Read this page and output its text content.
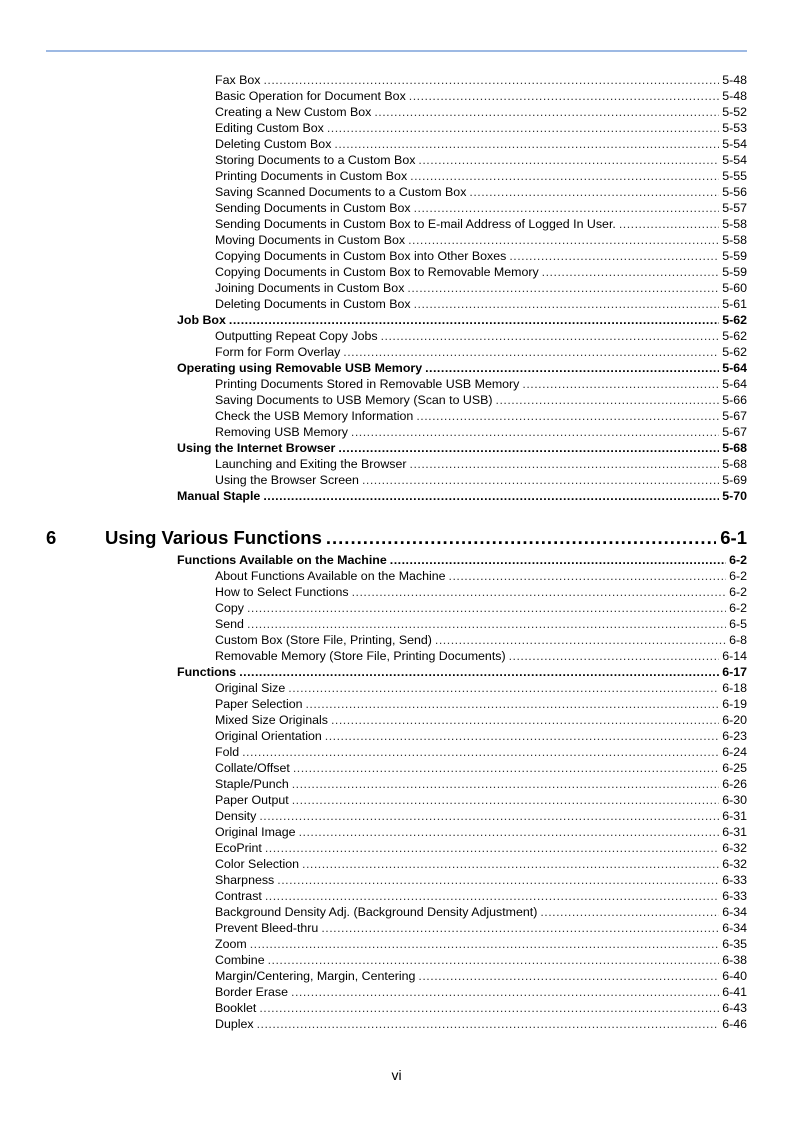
Fax Box .....	5-48
Basic Operation for Document Box .....	5-48
Creating a New Custom Box .....	5-52
Editing Custom Box .....	5-53
Deleting Custom Box .....	5-54
Storing Documents to a Custom Box .....	5-54
Printing Documents in Custom Box .....	5-55
Saving Scanned Documents to a Custom Box .....	5-56
Sending Documents in Custom Box .....	5-57
Sending Documents in Custom Box to E-mail Address of Logged In User. .....	5-58
Moving Documents in Custom Box .....	5-58
Copying Documents in Custom Box into Other Boxes .....	5-59
Copying Documents in Custom Box to Removable Memory .....	5-59
Joining Documents in Custom Box .....	5-60
Deleting Documents in Custom Box .....	5-61
Job Box .....	5-62
Outputting Repeat Copy Jobs .....	5-62
Form for Form Overlay .....	5-62
Operating using Removable USB Memory .....	5-64
Printing Documents Stored in Removable USB Memory .....	5-64
Saving Documents to USB Memory (Scan to USB) .....	5-66
Check the USB Memory Information .....	5-67
Removing USB Memory .....	5-67
Using the Internet Browser .....	5-68
Launching and Exiting the Browser .....	5-68
Using the Browser Screen .....	5-69
Manual Staple .....	5-70
6	Using Various Functions .....	6-1
Functions Available on the Machine .....	6-2
About Functions Available on the Machine .....	6-2
How to Select Functions .....	6-2
Copy .....	6-2
Send .....	6-5
Custom Box (Store File, Printing, Send) .....	6-8
Removable Memory (Store File, Printing Documents) .....	6-14
Functions .....	6-17
Original Size .....	6-18
Paper Selection .....	6-19
Mixed Size Originals .....	6-20
Original Orientation .....	6-23
Fold .....	6-24
Collate/Offset .....	6-25
Staple/Punch .....	6-26
Paper Output .....	6-30
Density .....	6-31
Original Image .....	6-31
EcoPrint .....	6-32
Color Selection .....	6-32
Sharpness .....	6-33
Contrast .....	6-33
Background Density Adj. (Background Density Adjustment) .....	6-34
Prevent Bleed-thru .....	6-34
Zoom .....	6-35
Combine .....	6-38
Margin/Centering, Margin, Centering .....	6-40
Border Erase .....	6-41
Booklet .....	6-43
Duplex .....	6-46
vi
